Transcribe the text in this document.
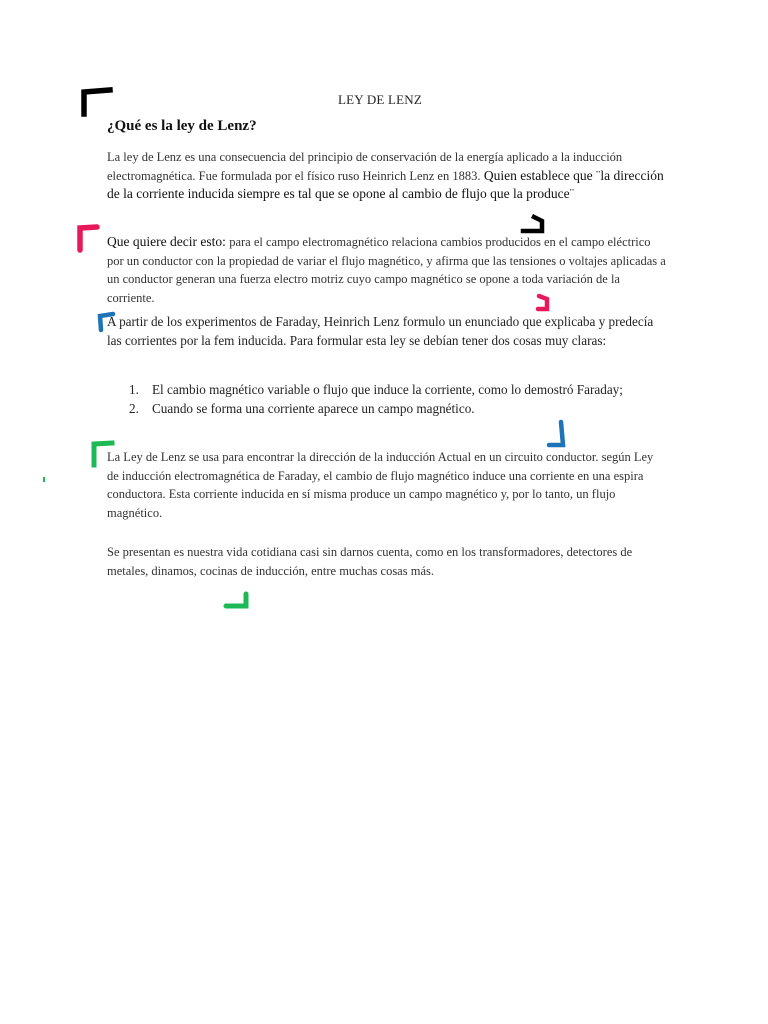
LEY DE LENZ
¿Qué es la ley de Lenz?
La ley de Lenz es una consecuencia del principio de conservación de la energía aplicado a la inducción electromagnética. Fue formulada por el físico ruso Heinrich Lenz en 1883. Quien establece que ¨la dirección de la corriente inducida siempre es tal que se opone al cambio de flujo que la produce¨
Que quiere decir esto: para el campo electromagnético relaciona cambios producidos en el campo eléctrico por un conductor con la propiedad de variar el flujo magnético, y afirma que las tensiones o voltajes aplicadas a un conductor generan una fuerza electro motriz cuyo campo magnético se opone a toda variación de la corriente.
A partir de los experimentos de Faraday, Heinrich Lenz formulo un enunciado que explicaba y predecía las corrientes por la fem inducida. Para formular esta ley se debían tener dos cosas muy claras:
1. El cambio magnético variable o flujo que induce la corriente, como lo demostró Faraday;
2. Cuando se forma una corriente aparece un campo magnético.
La Ley de Lenz se usa para encontrar la dirección de la inducción Actual en un circuito conductor. según Ley de inducción electromagnética de Faraday, el cambio de flujo magnético induce una corriente en una espira conductora. Esta corriente inducida en sí misma produce un campo magnético y, por lo tanto, un flujo magnético.
Se presentan es nuestra vida cotidiana casi sin darnos cuenta, como en los transformadores, detectores de metales, dinamos, cocinas de inducción, entre muchas cosas más.
